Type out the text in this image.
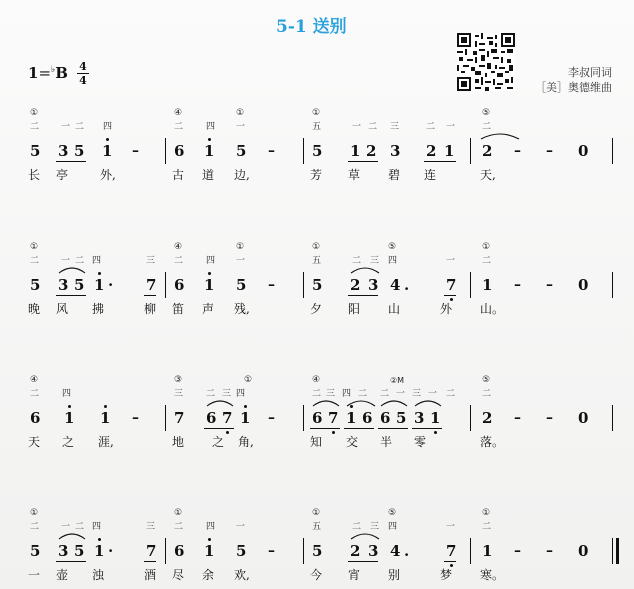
5-1 送别
李叔同词
［美］奥德维曲
1=♭B 4
4
①
二 一 二 四
④
二	四
①
一
①
五	一 二 三	二 一
⑤
二
5 3 5 1 – 6 1 5 – 5 1 2 3 2 1 2 – – 0
长 亭	外,	古 道 边,	芳 草 碧 连	天,
①
二 一 二 四	三
④
二	四
①
一
①
五	二 三
⑤
四	一
①
二
5 3 5 1 · 7 6 1 5 – 5 2 3 4 . 7 1 – – 0
晚 风 拂	柳 笛 声 残,	夕 阳 山	外 山。
④
二	四
③
三	二 三 四
①	④
二 三 四 二 二 一
②M
三 一 二
⑤
二
6 1 1 – 7 6 7 1 – 6 7 1 6 6 5 3 1	2 – – 0
天 之 涯,	地 之 角,	知 交 半 零	落。
①
二 一 二 四	三
①
二	四 一
①
五	二 三
⑤
四	一
①
二
5 3 5 1 · 7 6 1 5 – 5 2 3 4 . 7 1 – – 0
一 壶 浊	酒 尽 余 欢,	今 宵 别	梦 寒。
